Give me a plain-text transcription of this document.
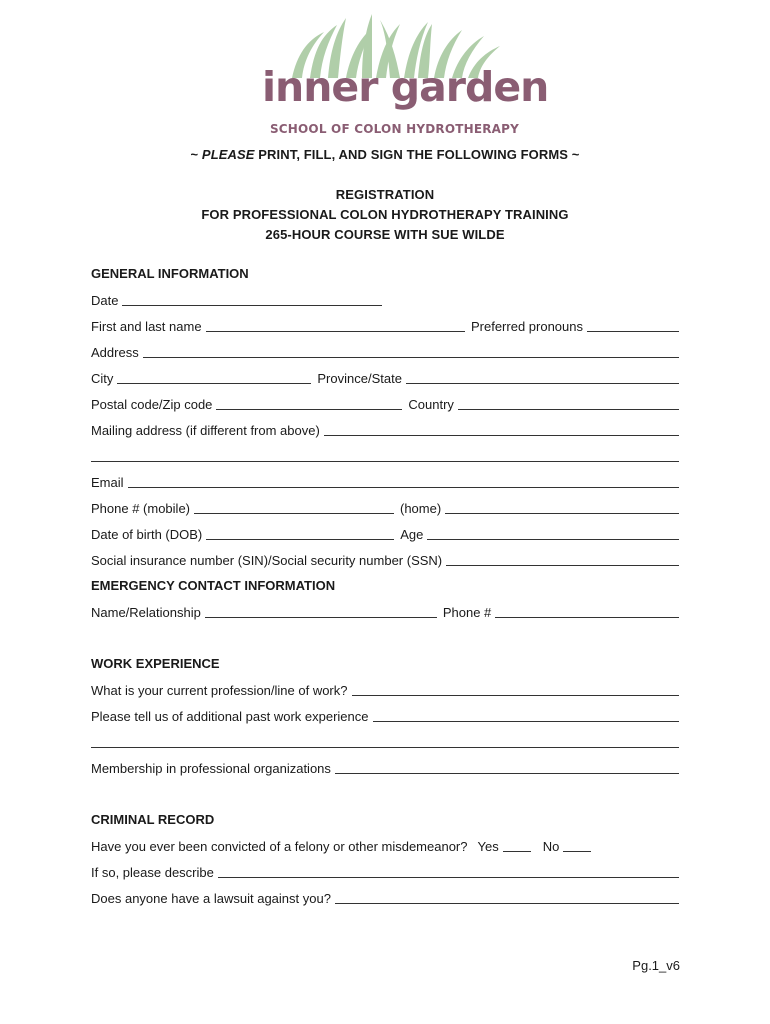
inner garden
SCHOOL OF COLON HYDROTHERAPY
~ PLEASE PRINT, FILL, AND SIGN THE FOLLOWING FORMS ~
REGISTRATION
FOR PROFESSIONAL COLON HYDROTHERAPY TRAINING
265-HOUR COURSE WITH SUE WILDE
GENERAL INFORMATION
Date
First and last name	Preferred pronouns
Address
City	Province/State
Postal code/Zip code	Country
Mailing address (if different from above)
Email
Phone # (mobile)	(home)
Date of birth (DOB)	Age
Social insurance number (SIN)/Social security number (SSN)
EMERGENCY CONTACT INFORMATION
Name/Relationship	Phone #
WORK EXPERIENCE
What is your current profession/line of work?
Please tell us of additional past work experience
Membership in professional organizations
CRIMINAL RECORD
Have you ever been convicted of a felony or other misdemeanor? Yes	No
If so, please describe
Does anyone have a lawsuit against you?
Pg.1_v6
